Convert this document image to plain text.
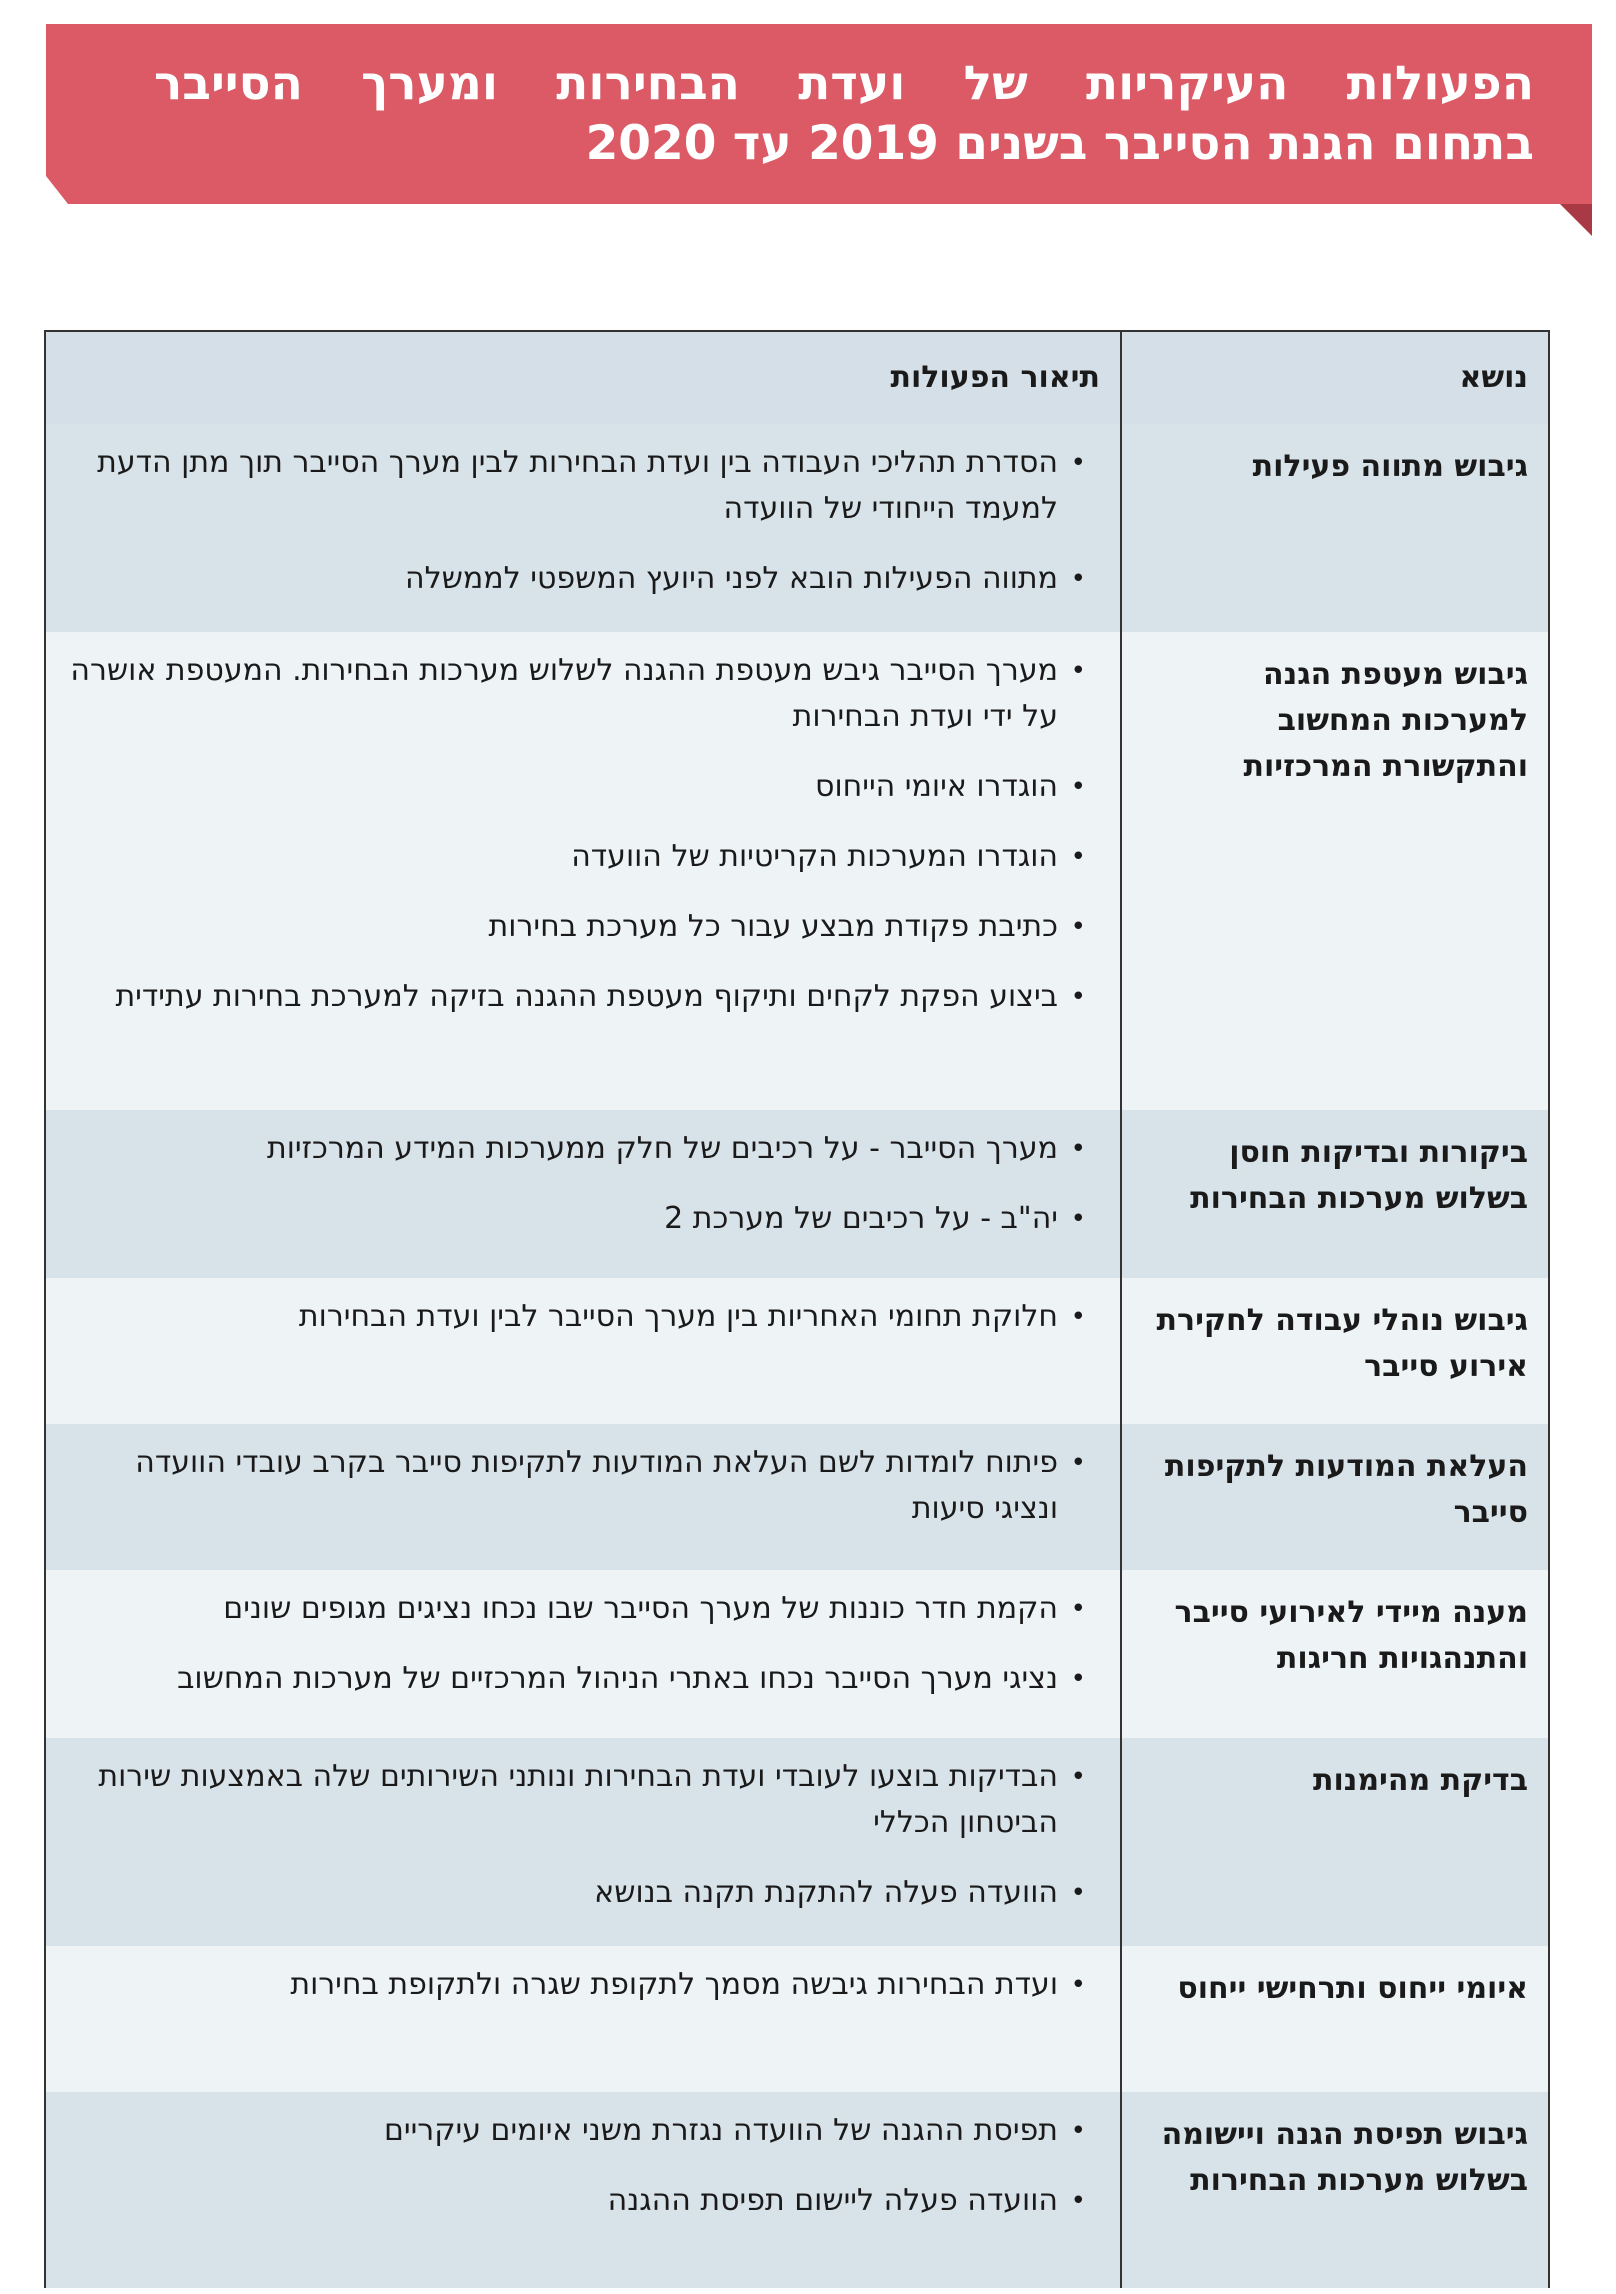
הפעולות העיקריות של ועדת הבחירות ומערך הסייבר
בתחום הגנת הסייבר בשנים 2019 עד 2020
נושא
תיאור הפעולות
גיבוש מתווה פעילות
• הסדרת תהליכי העבודה בין ועדת הבחירות לבין מערך הסייבר תוך מתן הדעת למעמד הייחודי של הוועדה
• מתווה הפעילות הובא לפני היועץ המשפטי לממשלה
גיבוש מעטפת הגנה למערכות המחשוב והתקשורת המרכזיות
• מערך הסייבר גיבש מעטפת ההגנה לשלוש מערכות הבחירות. המעטפת אושרה על ידי ועדת הבחירות
• הוגדרו איומי הייחוס
• הוגדרו המערכות הקריטיות של הוועדה
• כתיבת פקודת מבצע עבור כל מערכת בחירות
• ביצוע הפקת לקחים ותיקוף מעטפת ההגנה בזיקה למערכת בחירות עתידית
ביקורות ובדיקות חוסן בשלוש מערכות הבחירות
• מערך הסייבר - על רכיבים של חלק ממערכות המידע המרכזיות
• יה"ב - על רכיבים של מערכת 2
גיבוש נוהלי עבודה לחקירת אירוע סייבר
• חלוקת תחומי האחריות בין מערך הסייבר לבין ועדת הבחירות
העלאת המודעות לתקיפות סייבר
• פיתוח לומדות לשם העלאת המודעות לתקיפות סייבר בקרב עובדי הוועדה ונציגי סיעות
מענה מיידי לאירועי סייבר והתנהגויות חריגות
• הקמת חדר כוננות של מערך הסייבר שבו נכחו נציגים מגופים שונים
• נציגי מערך הסייבר נכחו באתרי הניהול המרכזיים של מערכות המחשוב
בדיקת מהימנות
• הבדיקות בוצעו לעובדי ועדת הבחירות ונותני השירותים שלה באמצעות שירות הביטחון הכללי
• הוועדה פעלה להתקנת תקנה בנושא
איומי ייחוס ותרחישי ייחוס
• ועדת הבחירות גיבשה מסמך לתקופת שגרה ולתקופת בחירות
גיבוש תפיסת הגנה ויישומה בשלוש מערכות הבחירות
• תפיסת ההגנה של הוועדה נגזרת משני איומים עיקריים
• הוועדה פעלה ליישום תפיסת ההגנה
